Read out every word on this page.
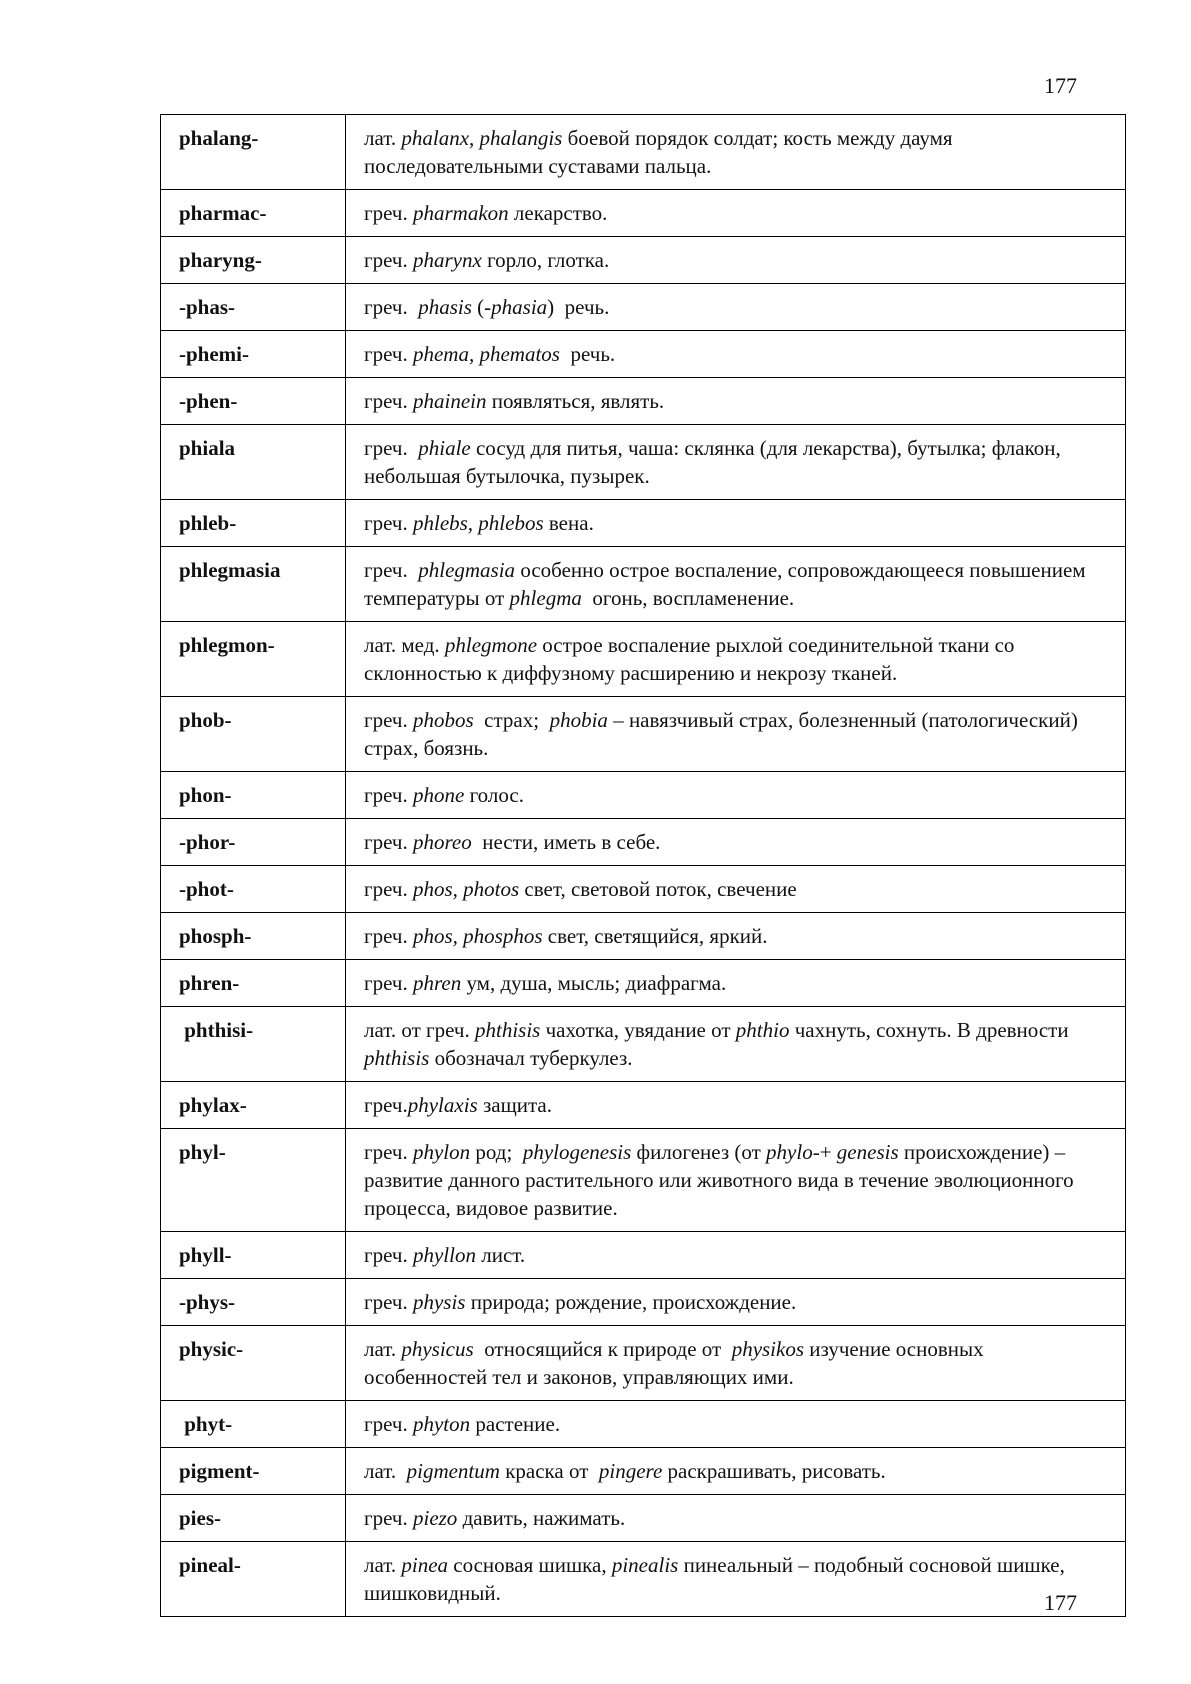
177
phalang-	лат. phalanx, phalangis боевой порядок солдат; кость между даумя последовательными суставами пальца.
pharmac-	греч. pharmakon лекарство.
pharyng-	греч. pharynx горло, глотка.
-phas-	греч.  phasis (-phasia)  речь.
-phemi-	греч. phema, phematos  речь.
-phen-	греч. phainein появляться, являть.
phiala	греч.  phiale сосуд для питья, чаша: склянка (для лекарства), бутылка; флакон, небольшая бутылочка, пузырек.
phleb-	греч. phlebs, phlebos вена.
phlegmasia	греч.  phlegmasia особенно острое воспаление, сопровождающееся повышением температуры от phlegma  огонь, воспламенение.
phlegmon-	лат. мед. phlegmone острое воспаление рыхлой соединительной ткани со склонностью к диффузному расширению и некрозу тканей.
phob-	греч. phobos  страх;  phobia – навязчивый страх, болезненный (патологический) страх, боязнь.
phon-	греч. phone голос.
-phor-	греч. phoreo  нести, иметь в себе.
-phot-	греч. phos, photos свет, световой поток, свечение
phosph-	греч. phos, phosphos свет, светящийся, яркий.
phren-	греч. phren ум, душа, мысль; диафрагма.
phthisi-	лат. от греч. phthisis чахотка, увядание от phthio чахнуть, сохнуть. В древности phthisis обозначал туберкулез.
phylax-	греч.phylaxis защита.
phyl-	греч. phylon род;  phylogenesis филогенез (от phylo-+ genesis происхождение) – развитие данного растительного или животного вида в течение эволюционного процесса, видовое развитие.
phyll-	греч. phyllon лист.
-phys-	греч. physis природа; рождение, происхождение.
physic-	лат. physicus  относящийся к природе от  physikos изучение основных особенностей тел и законов, управляющих ими.
phyt-	греч. phyton растение.
pigment-	лат.  pigmentum краска от  pingere раскрашивать, рисовать.
pies-	греч. piezo давить, нажимать.
pineal-	лат. pinea сосновая шишка, pinealis пинеальный – подобный сосновой шишке, шишковидный.	177
